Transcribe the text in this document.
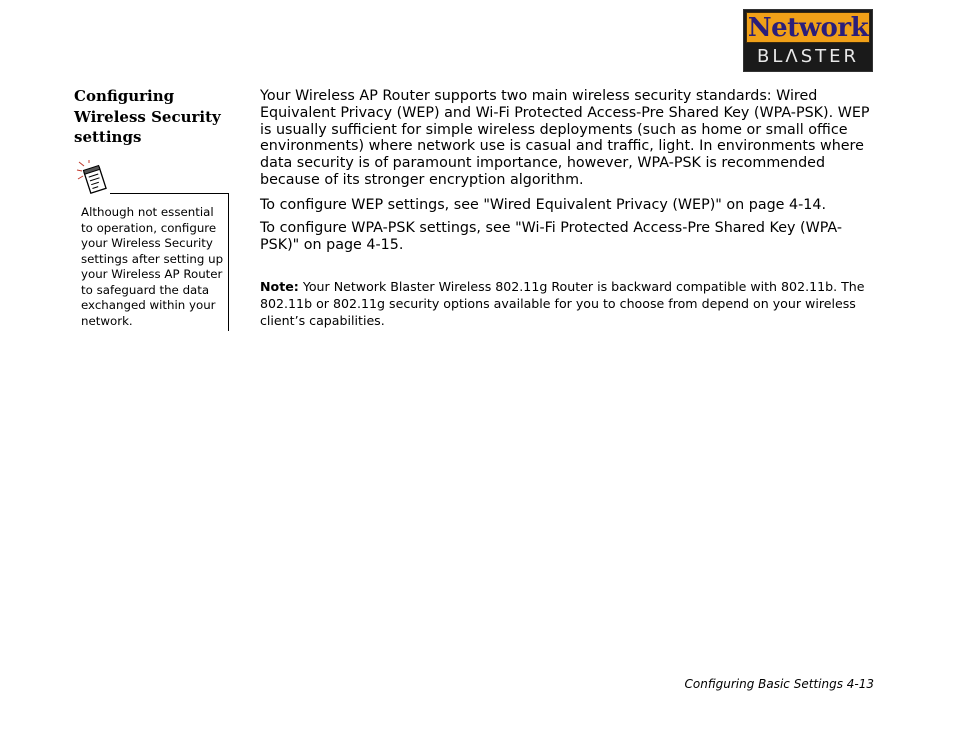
Network
BLΛSTER
Configuring Wireless Security settings
Although not essential to operation, configure your Wireless Security settings after setting up your Wireless AP Router to safeguard the data exchanged within your network.
Your Wireless AP Router supports two main wireless security standards: Wired Equivalent Privacy (WEP) and Wi-Fi Protected Access-Pre Shared Key (WPA-PSK). WEP is usually sufficient for simple wireless deployments (such as home or small office environments) where network use is casual and traffic, light. In environments where data security is of paramount importance, however, WPA-PSK is recommended because of its stronger encryption algorithm.
To configure WEP settings, see "Wired Equivalent Privacy (WEP)" on page 4-14.
To configure WPA-PSK settings, see "Wi-Fi Protected Access-Pre Shared Key (WPA-PSK)" on page 4-15.
Note: Your Network Blaster Wireless 802.11g Router is backward compatible with 802.11b. The 802.11b or 802.11g security options available for you to choose from depend on your wireless client’s capabilities.
Configuring Basic Settings 4-13
